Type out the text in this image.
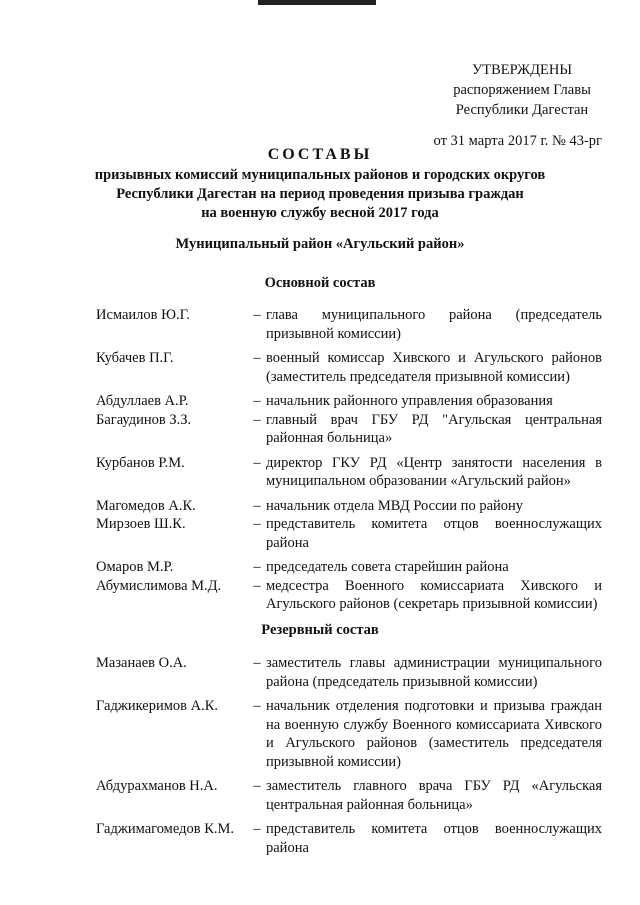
УТВЕРЖДЕНЫ
распоряжением Главы
Республики Дагестан
от 31 марта 2017 г. № 43-рг
СОСТАВЫ
призывных комиссий муниципальных районов и городских округов
Республики Дагестан на период проведения призыва граждан
на военную службу весной 2017 года
Муниципальный район «Агульский район»
Основной состав
Исмаилов Ю.Г.	– глава муниципального района (председатель призывной комиссии)
Кубачев П.Г.	– военный комиссар Хивского и Агульского районов (заместитель председателя призывной комиссии)
Абдуллаев А.Р.	– начальник районного управления образования
Багаудинов З.З.	– главный врач ГБУ РД "Агульская центральная районная больница»
Курбанов Р.М.	– директор ГКУ РД «Центр занятости населения в муниципальном образовании «Агульский район»
Магомедов А.К.	– начальник отдела МВД России по району
Мирзоев Ш.К.	– представитель комитета отцов военнослужащих района
Омаров М.Р.	– председатель совета старейшин района
Абумислимова М.Д.	– медсестра Военного комиссариата Хивского и Агульского районов (секретарь призывной комиссии)
Резервный состав
Мазанаев О.А.	– заместитель главы администрации муниципального района (председатель призывной комиссии)
Гаджикеримов А.К.	– начальник отделения подготовки и призыва граждан на военную службу Военного комиссариата Хивского и Агульского районов (заместитель председателя призывной комиссии)
Абдурахманов Н.А.	– заместитель главного врача ГБУ РД «Агульская центральная районная больница»
Гаджимагомедов К.М.	– представитель комитета отцов военнослужащих района
